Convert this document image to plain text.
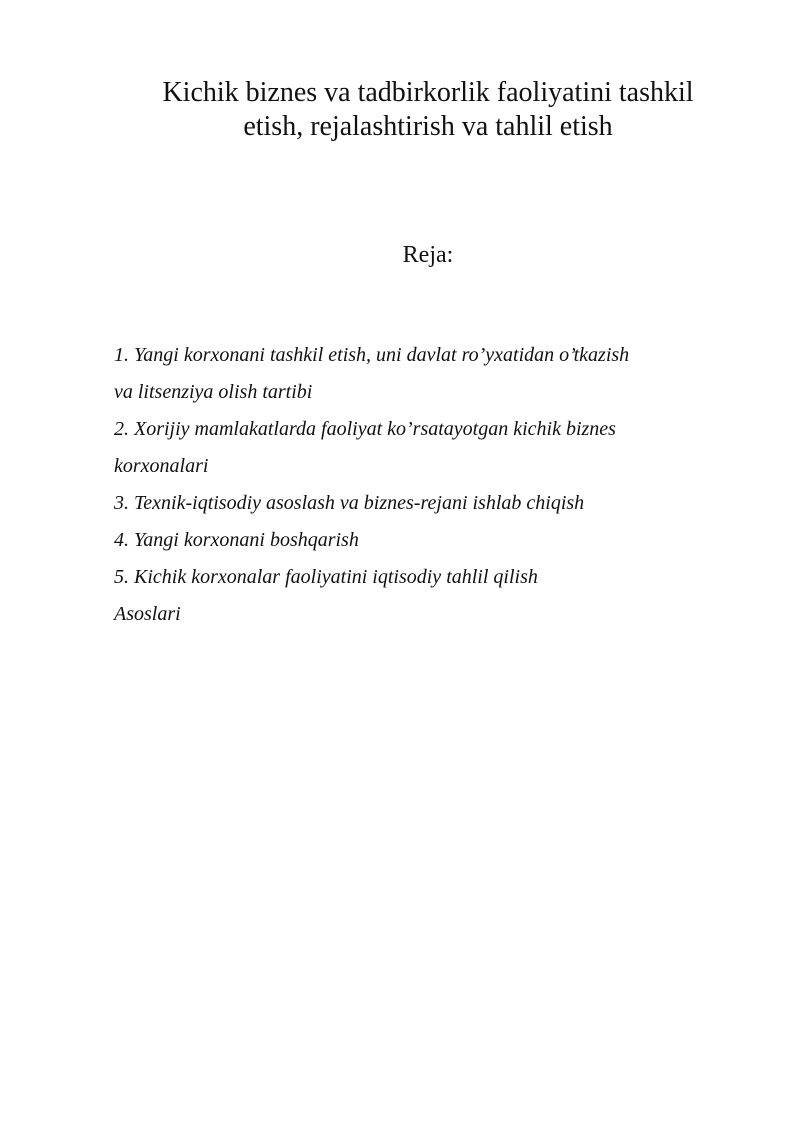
Kichik biznes va tadbirkorlik faoliyatini tashkil
etish, rejalashtirish va tahlil etish
Reja:
1. Yangi korxonani tashkil etish, uni davlat ro’yxatidan o’tkazish
va litsenziya olish tartibi
2. Xorijiy mamlakatlarda faoliyat ko’rsatayotgan kichik biznes
korxonalari
3. Texnik-iqtisodiy asoslash va biznes-rejani ishlab chiqish
4. Yangi korxonani boshqarish
5. Kichik korxonalar faoliyatini iqtisodiy tahlil qilish
Asoslari
